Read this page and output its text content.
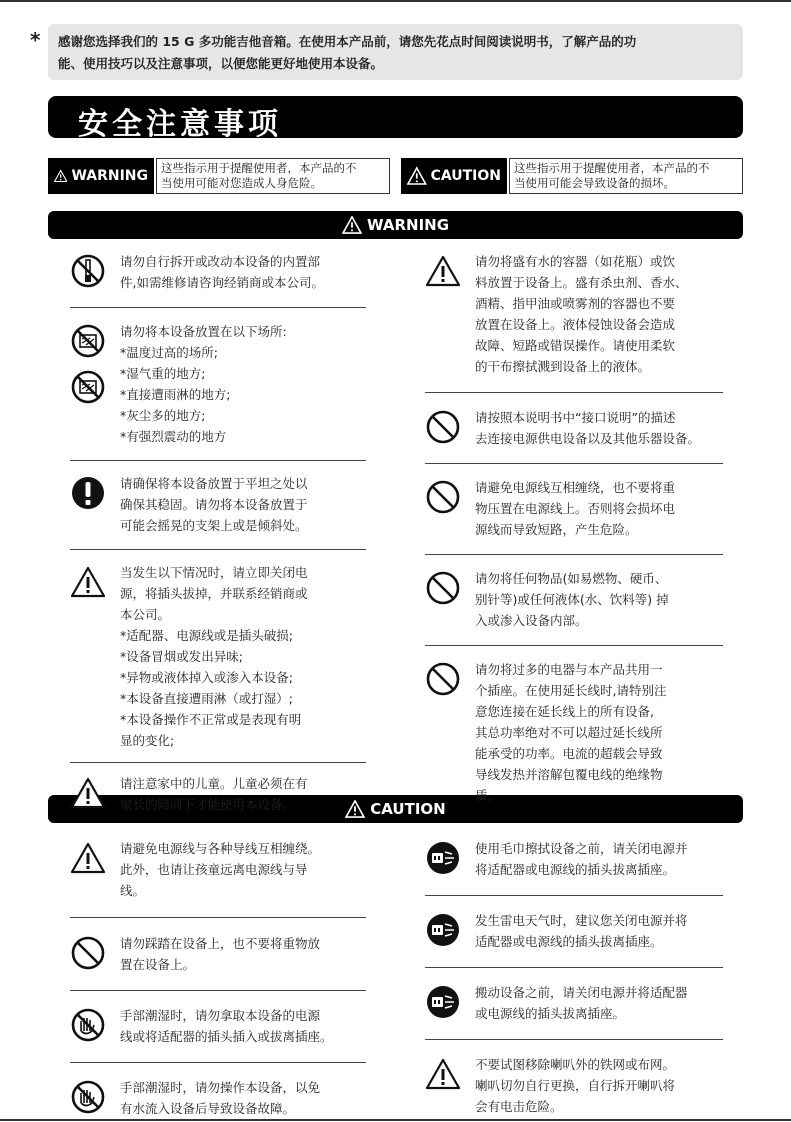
* 感谢您选择我们的 15 G 多功能吉他音箱。在使用本产品前，请您先花点时间阅读说明书，了解产品的功
能、使用技巧以及注意事项，以便您能更好地使用本设备。
安全注意事项
WARNING 这些指示用于提醒使用者，本产品的不
当使用可能对您造成人身危险。	CAUTION 这些指示用于提醒使用者，本产品的不
当使用可能会导致设备的损坏。
WARNING
CAUTION
请勿自行拆开或改动本设备的内置部
件,如需维修请咨询经销商或本公司。
请勿将本设备放置在以下场所:
*温度过高的场所;
*湿气重的地方;
*直接遭雨淋的地方;
*灰尘多的地方;
*有强烈震动的地方
请确保将本设备放置于平坦之处以
确保其稳固。请勿将本设备放置于
可能会摇晃的支架上或是倾斜处。
当发生以下情况时，请立即关闭电
源，将插头拔掉，并联系经销商或
本公司。
*适配器、电源线或是插头破损;
*设备冒烟或发出异味;
*异物或液体掉入或渗入本设备;
*本设备直接遭雨淋（或打湿）;
*本设备操作不正常或是表现有明
显的变化;
请注意家中的儿童。儿童必须在有
家长的陪同下才能使用本设备。
请勿将盛有水的容器（如花瓶）或饮
料放置于设备上。盛有杀虫剂、香水、
酒精、指甲油或喷雾剂的容器也不要
放置在设备上。液体侵蚀设备会造成
故障、短路或错误操作。请使用柔软
的干布擦拭溅到设备上的液体。
请按照本说明书中“接口说明”的描述
去连接电源供电设备以及其他乐器设备。
请避免电源线互相缠绕，也不要将重
物压置在电源线上。否则将会损坏电
源线而导致短路，产生危险。
请勿将任何物品(如易燃物、硬币、
别针等)或任何液体(水、饮料等) 掉
入或渗入设备内部。
请勿将过多的电器与本产品共用一
个插座。在使用延长线时,请特别注
意您连接在延长线上的所有设备,
其总功率绝对不可以超过延长线所
能承受的功率。电流的超载会导致
导线发热并溶解包覆电线的绝缘物
质。
请避免电源线与各种导线互相缠绕。
此外，也请让孩童远离电源线与导
线。
请勿踩踏在设备上，也不要将重物放
置在设备上。
手部潮湿时，请勿拿取本设备的电源
线或将适配器的插头插入或拔离插座。
手部潮湿时，请勿操作本设备，以免
有水流入设备后导致设备故障。
使用毛巾擦拭设备之前，请关闭电源并
将适配器或电源线的插头拔离插座。
发生雷电天气时，建议您关闭电源并将
适配器或电源线的插头拔离插座。
搬动设备之前，请关闭电源并将适配器
或电源线的插头拔离插座。
不要试图移除喇叭外的铁网或布网。
喇叭切勿自行更换，自行拆开喇叭将
会有电击危险。
